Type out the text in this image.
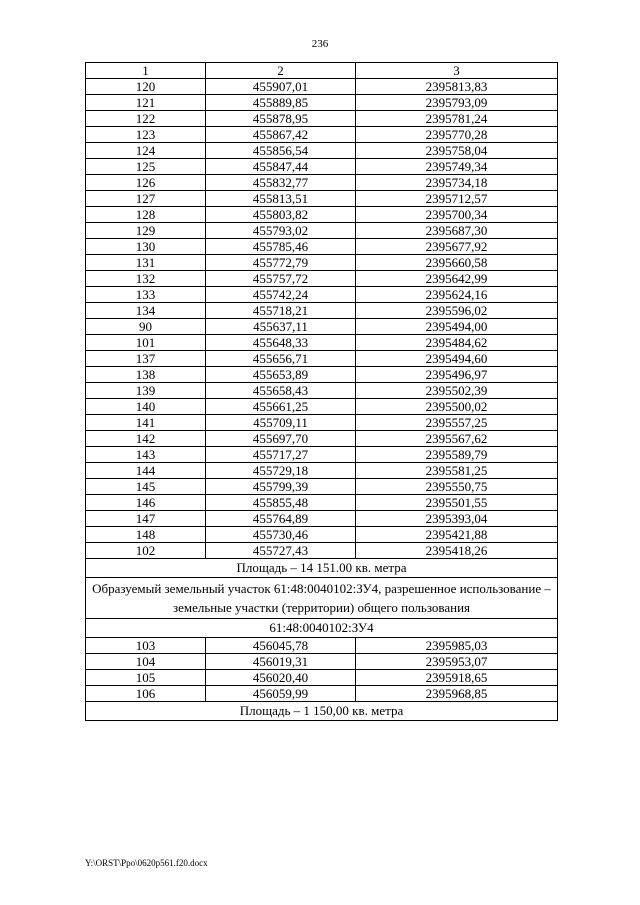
236
1	2	3
120	455907,01	2395813,83
121	455889,85	2395793,09
122	455878,95	2395781,24
123	455867,42	2395770,28
124	455856,54	2395758,04
125	455847,44	2395749,34
126	455832,77	2395734,18
127	455813,51	2395712,57
128	455803,82	2395700,34
129	455793,02	2395687,30
130	455785,46	2395677,92
131	455772,79	2395660,58
132	455757,72	2395642,99
133	455742,24	2395624,16
134	455718,21	2395596,02
90	455637,11	2395494,00
101	455648,33	2395484,62
137	455656,71	2395494,60
138	455653,89	2395496,97
139	455658,43	2395502,39
140	455661,25	2395500,02
141	455709,11	2395557,25
142	455697,70	2395567,62
143	455717,27	2395589,79
144	455729,18	2395581,25
145	455799,39	2395550,75
146	455855,48	2395501,55
147	455764,89	2395393,04
148	455730,46	2395421,88
102	455727,43	2395418,26
Площадь – 14 151.00 кв. метра		
Образуемый земельный участок 61:48:0040102:ЗУ4, разрешенное использование – земельные участки (территории) общего пользования		
61:48:0040102:ЗУ4		
103	456045,78	2395985,03
104	456019,31	2395953,07
105	456020,40	2395918,65
106	456059,99	2395968,85
Площадь – 1 150,00 кв. метра		
Y:\ORST\Ppo\0620p561.f20.docx
